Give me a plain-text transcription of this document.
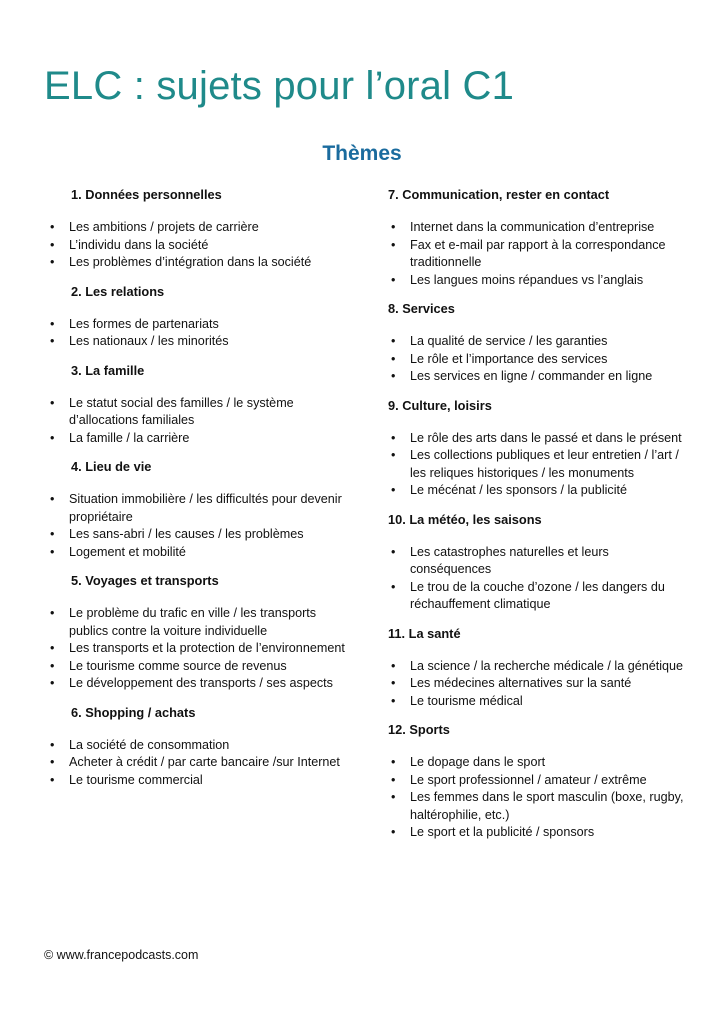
ELC : sujets pour l’oral C1
Thèmes
1. Données personnelles
• Les ambitions / projets de carrière
• L’individu dans la société
• Les problèmes d’intégration dans la société
2. Les relations
• Les formes de partenariats
• Les nationaux / les minorités
3. La famille
• Le statut social des familles / le système d’allocations familiales
• La famille / la carrière
4. Lieu de vie
• Situation immobilière / les difficultés pour devenir propriétaire
• Les sans-abri / les causes / les problèmes
• Logement et mobilité
5. Voyages et transports
• Le problème du trafic en ville / les transports publics contre la voiture individuelle
• Les transports et la protection de l’environnement
• Le tourisme comme source de revenus
• Le développement des transports / ses aspects
6. Shopping / achats
• La société de consommation
• Acheter à crédit / par carte bancaire /sur Internet
• Le tourisme commercial
7. Communication, rester en contact
• Internet dans la communication d’entreprise
• Fax et e-mail par rapport à la correspondance traditionnelle
• Les langues moins répandues vs l’anglais
8. Services
• La qualité de service / les garanties
• Le rôle et l’importance des services
• Les services en ligne / commander en ligne
9. Culture, loisirs
• Le rôle des arts dans le passé et dans le présent
• Les collections publiques et leur entretien / l’art / les reliques historiques / les monuments
• Le mécénat / les sponsors / la publicité
10. La météo, les saisons
• Les catastrophes naturelles et leurs conséquences
• Le trou de la couche d’ozone / les dangers du réchauffement climatique
11. La santé
• La science / la recherche médicale / la génétique
• Les médecines alternatives sur la santé
• Le tourisme médical
12. Sports
• Le dopage dans le sport
• Le sport professionnel / amateur / extrême
• Les femmes dans le sport masculin (boxe, rugby, haltérophilie, etc.)
• Le sport et la publicité / sponsors

© www.francepodcasts.com
